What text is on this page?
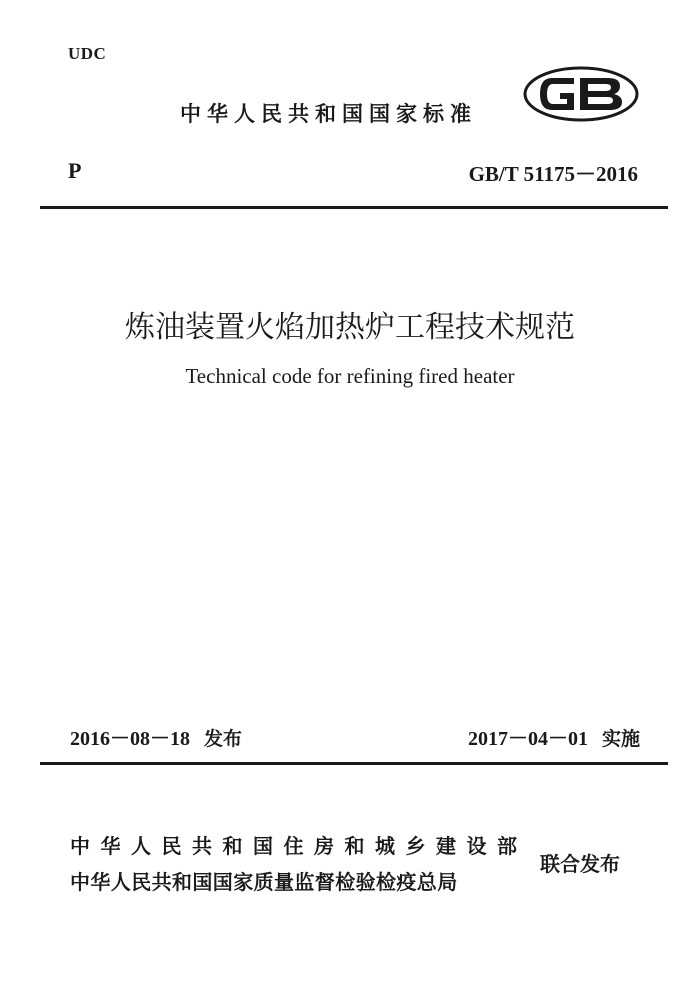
UDC
中华人民共和国国家标准	GB
P	GB/T 51175－2016
炼油装置火焰加热炉工程技术规范
Technical code for refining fired heater
2016－08－18 发布	2017－04－01 实施
中华人民共和国住房和城乡建设部
中华人民共和国国家质量监督检验检疫总局
联合发布
